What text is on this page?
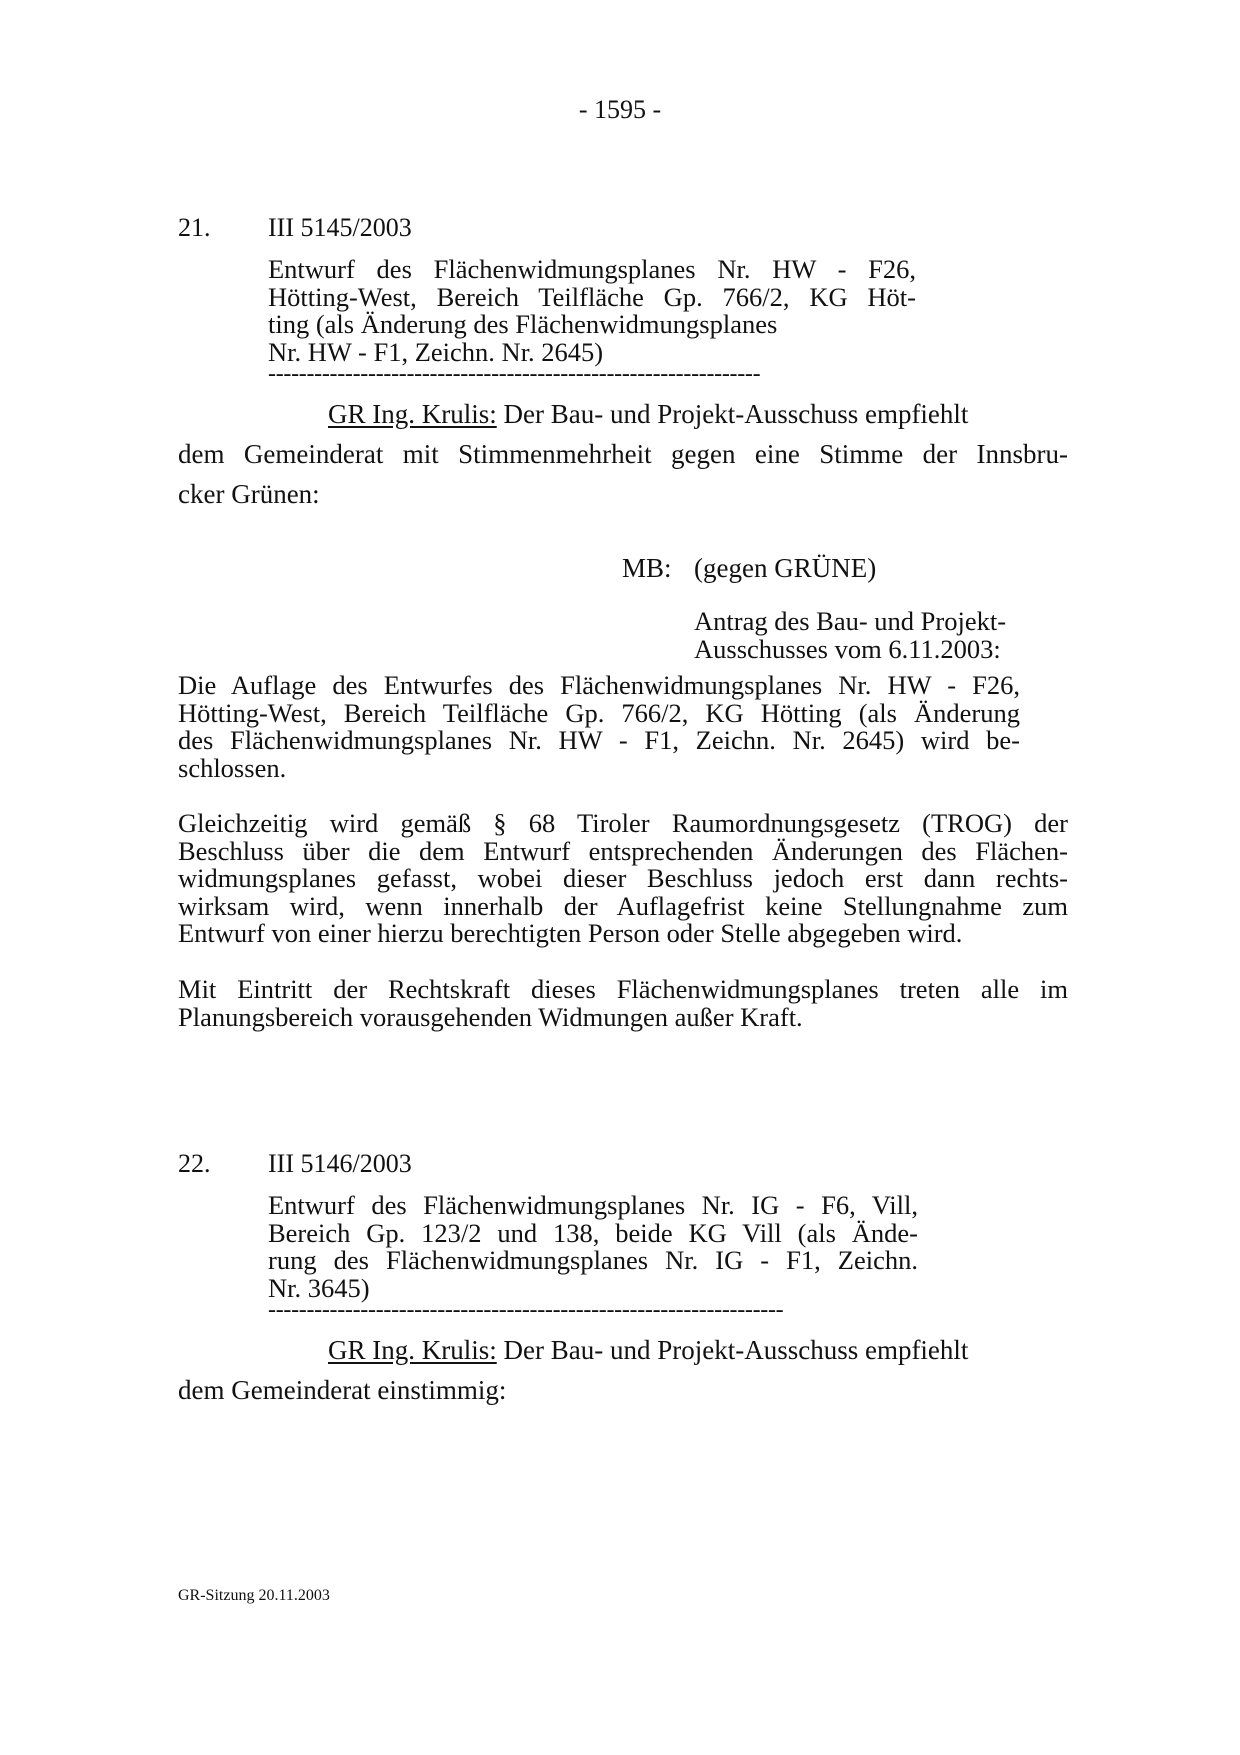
- 1595 -
21. III 5145/2003
Entwurf des Flächenwidmungsplanes Nr. HW - F26,
Hötting-West, Bereich Teilfläche Gp. 766/2, KG Höt-
ting (als Änderung des Flächenwidmungsplanes
Nr. HW - F1, Zeichn. Nr. 2645)
----------------------------------------------------------------
GR Ing. Krulis: Der Bau- und Projekt-Ausschuss empfiehlt
dem Gemeinderat mit Stimmenmehrheit gegen eine Stimme der Innsbru-
cker Grünen:
MB: (gegen GRÜNE)
Antrag des Bau- und Projekt-
Ausschusses vom 6.11.2003:
Die Auflage des Entwurfes des Flächenwidmungsplanes Nr. HW - F26,
Hötting-West, Bereich Teilfläche Gp. 766/2, KG Hötting (als Änderung
des Flächenwidmungsplanes Nr. HW - F1, Zeichn. Nr. 2645) wird be-
schlossen.
Gleichzeitig wird gemäß § 68 Tiroler Raumordnungsgesetz (TROG) der
Beschluss über die dem Entwurf entsprechenden Änderungen des Flächen-
widmungsplanes gefasst, wobei dieser Beschluss jedoch erst dann rechts-
wirksam wird, wenn innerhalb der Auflagefrist keine Stellungnahme zum
Entwurf von einer hierzu berechtigten Person oder Stelle abgegeben wird.
Mit Eintritt der Rechtskraft dieses Flächenwidmungsplanes treten alle im
Planungsbereich vorausgehenden Widmungen außer Kraft.
22. III 5146/2003
Entwurf des Flächenwidmungsplanes Nr. IG - F6, Vill,
Bereich Gp. 123/2 und 138, beide KG Vill (als Ände-
rung des Flächenwidmungsplanes Nr. IG - F1, Zeichn.
Nr. 3645)
-------------------------------------------------------------------
GR Ing. Krulis: Der Bau- und Projekt-Ausschuss empfiehlt
dem Gemeinderat einstimmig:
GR-Sitzung 20.11.2003
